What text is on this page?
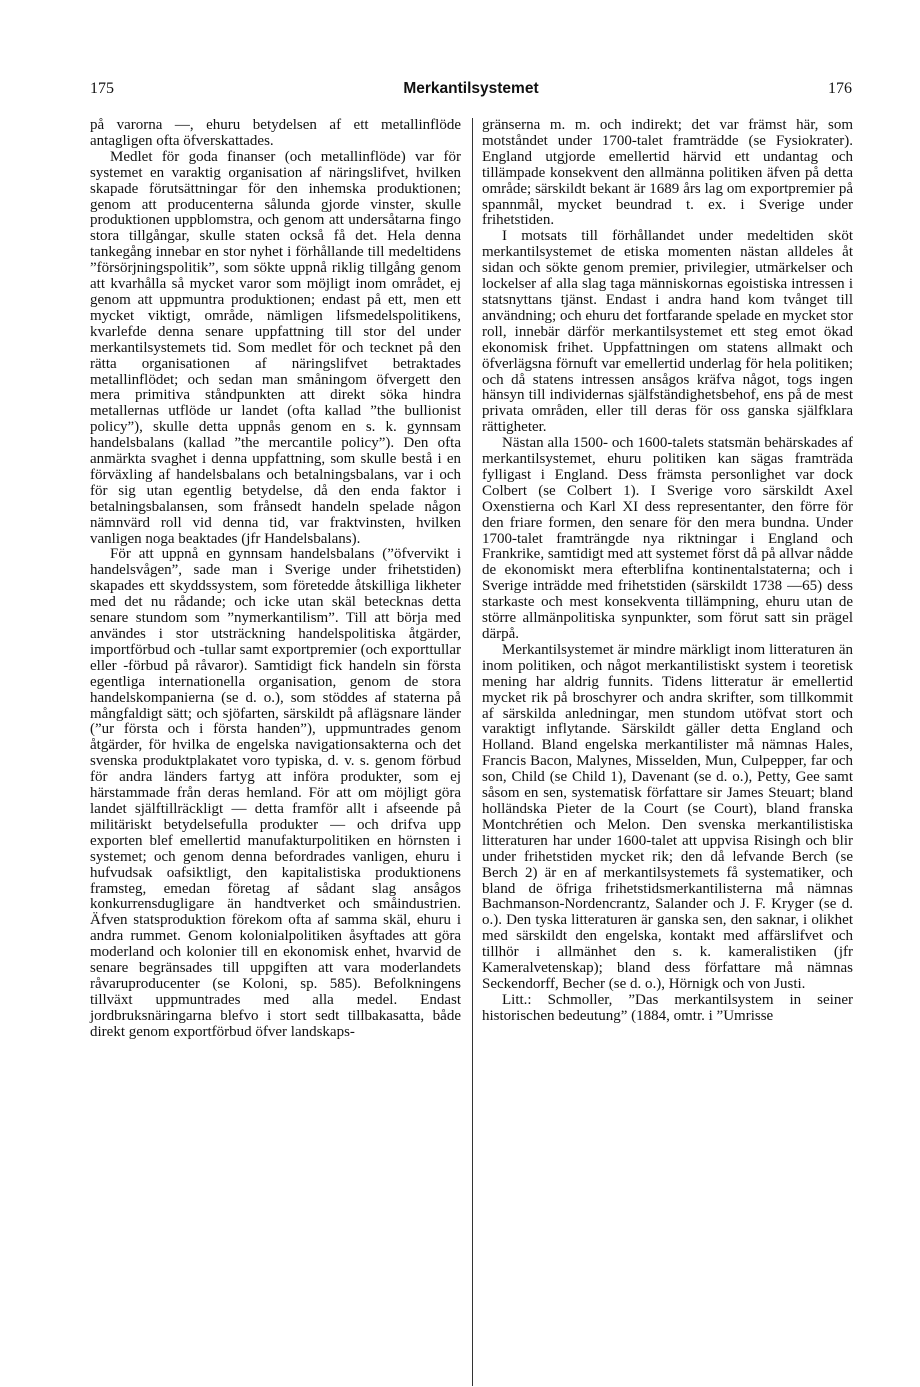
175	Merkantilsystemet	176

på varorna —, ehuru betydelsen af ett metallinflöde antagligen ofta öfverskattades.

Medlet för goda finanser (och metallinflöde) var för systemet en varaktig organisation af näringslifvet, hvilken skapade förutsättningar för den inhemska produktionen; genom att producenterna sålunda gjorde vinster, skulle produktionen uppblomstra, och genom att undersåtarna fingo stora tillgångar, skulle staten också få det. Hela denna tankegång innebar en stor nyhet i förhållande till medeltidens ”försörjningspolitik”, som sökte uppnå riklig tillgång genom att kvarhålla så mycket varor som möjligt inom området, ej genom att uppmuntra produktionen; endast på ett, men ett mycket viktigt, område, nämligen lifsmedelspolitikens, kvarlefde denna senare uppfattning till stor del under merkantilsystemets tid. Som medlet för och tecknet på den rätta organisationen af näringslifvet betraktades metallinflödet; och sedan man småningom öfvergett den mera primitiva ståndpunkten att direkt söka hindra metallernas utflöde ur landet (ofta kallad ”the bullionist policy”), skulle detta uppnås genom en s. k. gynnsam handelsbalans (kallad ”the mercantile policy”). Den ofta anmärkta svaghet i denna uppfattning, som skulle bestå i en förväxling af handelsbalans och betalningsbalans, var i och för sig utan egentlig betydelse, då den enda faktor i betalningsbalansen, som frånsedt handeln spelade någon nämnvärd roll vid denna tid, var fraktvinsten, hvilken vanligen noga beaktades (jfr Handelsbalans).

För att uppnå en gynnsam handelsbalans (”öfvervikt i handelsvågen”, sade man i Sverige under frihetstiden) skapades ett skyddssystem, som företedde åtskilliga likheter med det nu rådande; och icke utan skäl betecknas detta senare stundom som ”nymerkantilism”. Till att börja med användes i stor utsträckning handelspolitiska åtgärder, importförbud och -tullar samt exportpremier (och exporttullar eller -förbud på råvaror). Samtidigt fick handeln sin första egentliga internationella organisation, genom de stora handelskompanierna (se d. o.), som stöddes af staterna på mångfaldigt sätt; och sjöfarten, särskildt på aflägsnare länder (”ur första och i första handen”), uppmuntrades genom åtgärder, för hvilka de engelska navigationsakterna och det svenska produktplakatet voro typiska, d. v. s. genom förbud för andra länders fartyg att införa produkter, som ej härstammade från deras hemland. För att om möjligt göra landet själftillräckligt — detta framför allt i afseende på militäriskt betydelsefulla produkter — och drifva upp exporten blef emellertid manufakturpolitiken en hörnsten i systemet; och genom denna befordrades vanligen, ehuru i hufvudsak oafsiktligt, den kapitalistiska produktionens framsteg, emedan företag af sådant slag ansågos konkurrensdugligare än handtverket och småindustrien. Äfven statsproduktion förekom ofta af samma skäl, ehuru i andra rummet. Genom kolonialpolitiken åsyftades att göra moderland och kolonier till en ekonomisk enhet, hvarvid de senare begränsades till uppgiften att vara moderlandets råvaruproducenter (se Koloni, sp. 585). Befolkningens tillväxt uppmuntrades med alla medel. Endast jordbruksnäringarna blefvo i stort sedt tillbakasatta, både direkt genom exportförbud öfver landskaps-

gränserna m. m. och indirekt; det var främst här, som motståndet under 1700-talet framträdde (se Fysiokrater). England utgjorde emellertid härvid ett undantag och tillämpade konsekvent den allmänna politiken äfven på detta område; särskildt bekant är 1689 års lag om exportpremier på spannmål, mycket beundrad t. ex. i Sverige under frihetstiden.

I motsats till förhållandet under medeltiden sköt merkantilsystemet de etiska momenten nästan alldeles åt sidan och sökte genom premier, privilegier, utmärkelser och lockelser af alla slag taga människornas egoistiska intressen i statsnyttans tjänst. Endast i andra hand kom tvånget till användning; och ehuru det fortfarande spelade en mycket stor roll, innebär därför merkantilsystemet ett steg emot ökad ekonomisk frihet. Uppfattningen om statens allmakt och öfverlägsna förnuft var emellertid underlag för hela politiken; och då statens intressen ansågos kräfva något, togs ingen hänsyn till individernas själfständighetsbehof, ens på de mest privata områden, eller till deras för oss ganska själfklara rättigheter.

Nästan alla 1500- och 1600-talets statsmän behärskades af merkantilsystemet, ehuru politiken kan sägas framträda fylligast i England. Dess främsta personlighet var dock Colbert (se Colbert 1). I Sverige voro särskildt Axel Oxenstierna och Karl XI dess representanter, den förre för den friare formen, den senare för den mera bundna. Under 1700-talet framträngde nya riktningar i England och Frankrike, samtidigt med att systemet först då på allvar nådde de ekonomiskt mera efterblifna kontinentalstaterna; och i Sverige inträdde med frihetstiden (särskildt 1738 —65) dess starkaste och mest konsekventa tillämpning, ehuru utan de större allmänpolitiska synpunkter, som förut satt sin prägel därpå.

Merkantilsystemet är mindre märkligt inom litteraturen än inom politiken, och något merkantilistiskt system i teoretisk mening har aldrig funnits. Tidens litteratur är emellertid mycket rik på broschyrer och andra skrifter, som tillkommit af särskilda anledningar, men stundom utöfvat stort och varaktigt inflytande. Särskildt gäller detta England och Holland. Bland engelska merkantilister må nämnas Hales, Francis Bacon, Malynes, Misselden, Mun, Culpepper, far och son, Child (se Child 1), Davenant (se d. o.), Petty, Gee samt såsom en sen, systematisk författare sir James Steuart; bland holländska Pieter de la Court (se Court), bland franska Montchrétien och Melon. Den svenska merkantilistiska litteraturen har under 1600-talet att uppvisa Risingh och blir under frihetstiden mycket rik; den då lefvande Berch (se Berch 2) är en af merkantilsystemets få systematiker, och bland de öfriga frihetstidsmerkantilisterna må nämnas Bachmanson-Nordencrantz, Salander och J. F. Kryger (se d. o.). Den tyska litteraturen är ganska sen, den saknar, i olikhet med särskildt den engelska, kontakt med affärslifvet och tillhör i allmänhet den s. k. kameralistiken (jfr Kameralvetenskap); bland dess författare må nämnas Seckendorff, Becher (se d. o.), Hörnigk och von Justi.

Litt.: Schmoller, ”Das merkantilsystem in seiner historischen bedeutung” (1884, omtr. i ”Umrisse
